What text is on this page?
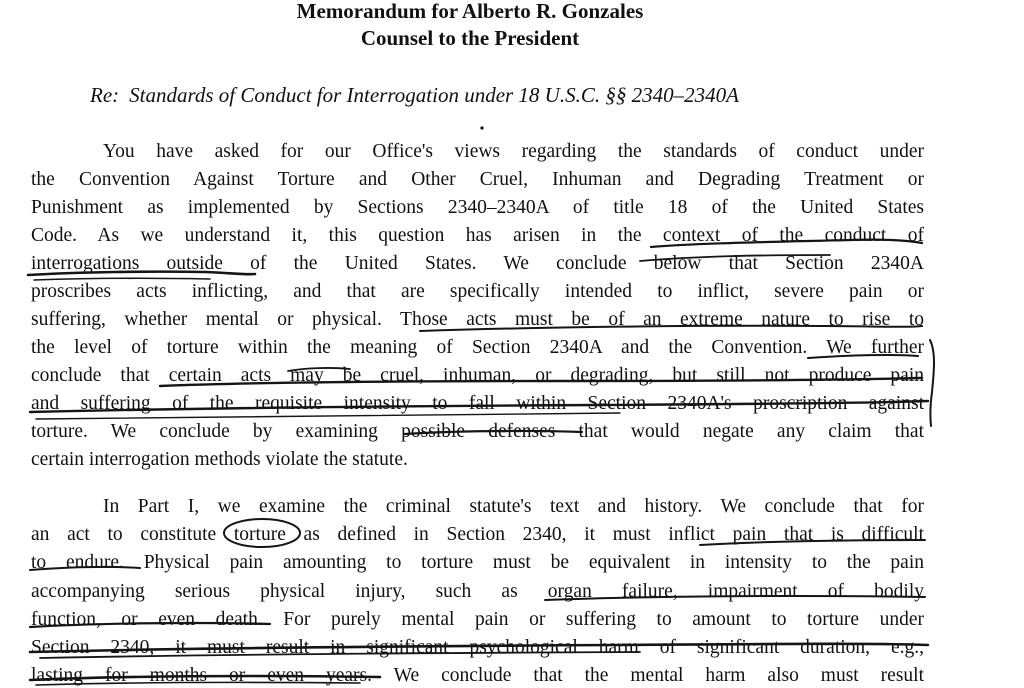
Memorandum for Alberto R. Gonzales
Counsel to the President
Re: Standards of Conduct for Interrogation under 18 U.S.C. §§ 2340–2340A
You have asked for our Office's views regarding the standards of conduct under
the Convention Against Torture and Other Cruel, Inhuman and Degrading Treatment or
Punishment as implemented by Sections 2340–2340A of title 18 of the United States
Code. As we understand it, this question has arisen in the context of the conduct of
interrogations outside of the United States. We conclude below that Section 2340A
proscribes acts inflicting, and that are specifically intended to inflict, severe pain or
suffering, whether mental or physical. Those acts must be of an extreme nature to rise to
the level of torture within the meaning of Section 2340A and the Convention. We further
conclude that certain acts may be cruel, inhuman, or degrading, but still not produce pain
and suffering of the requisite intensity to fall within Section 2340A's proscription against
torture. We conclude by examining possible defenses that would negate any claim that
certain interrogation methods violate the statute.
In Part I, we examine the criminal statute's text and history. We conclude that for
an act to constitute torture as defined in Section 2340, it must inflict pain that is difficult
to endure. Physical pain amounting to torture must be equivalent in intensity to the pain
accompanying serious physical injury, such as organ failure, impairment of bodily
function, or even death. For purely mental pain or suffering to amount to torture under
Section 2340, it must result in significant psychological harm of significant duration, e.g.,
lasting for months or even years. We conclude that the mental harm also must result
